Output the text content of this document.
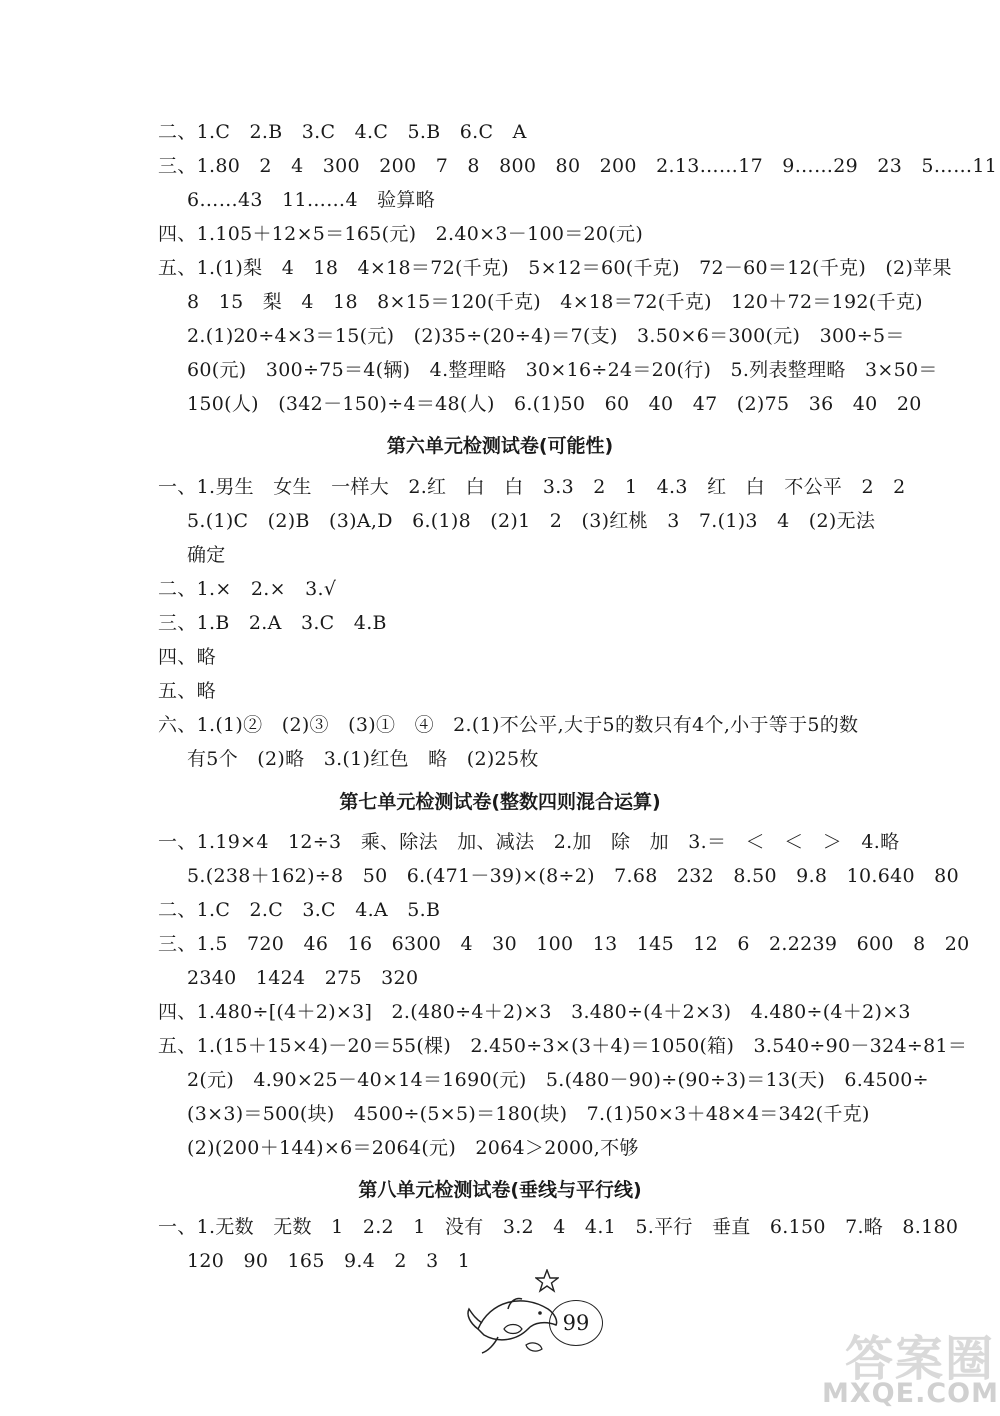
二、1.C　2.B　3.C　4.C　5.B　6.C　A
三、1.80　2　4　300　200　7　8　800　80　200　2.13……17　9……29　23　5……11
6……43　11……4　验算略
四、1.105＋12×5＝165(元)　2.40×3－100＝20(元)
五、1.(1)梨　4　18　4×18＝72(千克)　5×12＝60(千克)　72－60＝12(千克)　(2)苹果
8　15　梨　4　18　8×15＝120(千克)　4×18＝72(千克)　120＋72＝192(千克)
2.(1)20÷4×3＝15(元)　(2)35÷(20÷4)＝7(支)　3.50×6＝300(元)　300÷5＝
60(元)　300÷75＝4(辆)　4.整理略　30×16÷24＝20(行)　5.列表整理略　3×50＝
150(人)　(342－150)÷4＝48(人)　6.(1)50　60　40　47　(2)75　36　40　20
第六单元检测试卷(可能性)
一、1.男生　女生　一样大　2.红　白　白　3.3　2　1　4.3　红　白　不公平　2　2
5.(1)C　(2)B　(3)A,D　6.(1)8　(2)1　2　(3)红桃　3　7.(1)3　4　(2)无法
确定
二、1.×　2.×　3.√
三、1.B　2.A　3.C　4.B
四、略
五、略
六、1.(1)②　(2)③　(3)①　④　2.(1)不公平,大于5的数只有4个,小于等于5的数
有5个　(2)略　3.(1)红色　略　(2)25枚
第七单元检测试卷(整数四则混合运算)
一、1.19×4　12÷3　乘、除法　加、减法　2.加　除　加　3.＝　＜　＜　＞　4.略
5.(238＋162)÷8　50　6.(471－39)×(8÷2)　7.68　232　8.50　9.8　10.640　80
二、1.C　2.C　3.C　4.A　5.B
三、1.5　720　46　16　6300　4　30　100　13　145　12　6　2.2239　600　8　20
2340　1424　275　320
四、1.480÷[(4＋2)×3]　2.(480÷4＋2)×3　3.480÷(4＋2×3)　4.480÷(4＋2)×3
五、1.(15＋15×4)－20＝55(棵)　2.450÷3×(3＋4)＝1050(箱)　3.540÷90－324÷81＝
2(元)　4.90×25－40×14＝1690(元)　5.(480－90)÷(90÷3)＝13(天)　6.4500÷
(3×3)＝500(块)　4500÷(5×5)＝180(块)　7.(1)50×3＋48×4＝342(千克)
(2)(200＋144)×6＝2064(元)　2064＞2000,不够
第八单元检测试卷(垂线与平行线)
一、1.无数　无数　1　2.2　1　没有　3.2　4　4.1　5.平行　垂直　6.150　7.略　8.180
120　90　165　9.4　2　3　1
99
答案圈
MXQE.COM
